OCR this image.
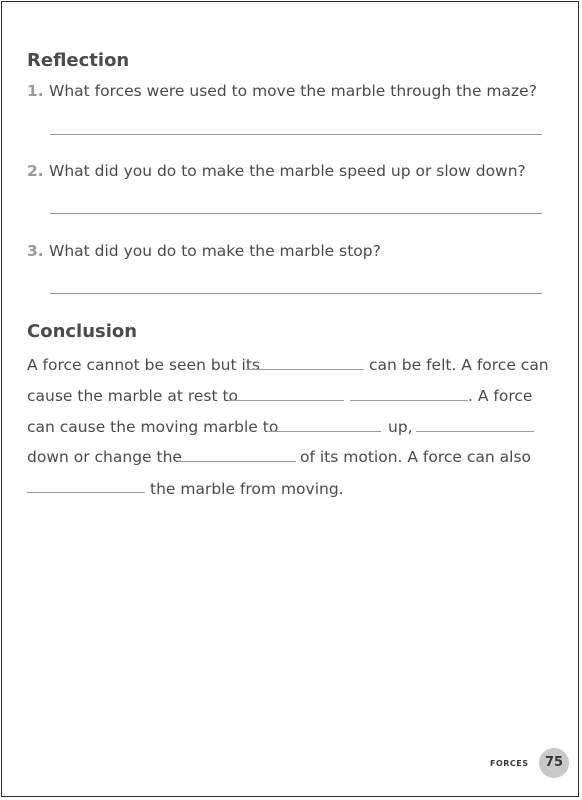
Reflection
1. What forces were used to move the marble through the maze?
2. What did you do to make the marble speed up or slow down?
3. What did you do to make the marble stop?
Conclusion
A force cannot be seen but its	can be felt. A force can
cause the marble at rest to	. A force
can cause the moving marble to	up,
down or change the	of its motion. A force can also
the marble from moving.
FORCES	75
